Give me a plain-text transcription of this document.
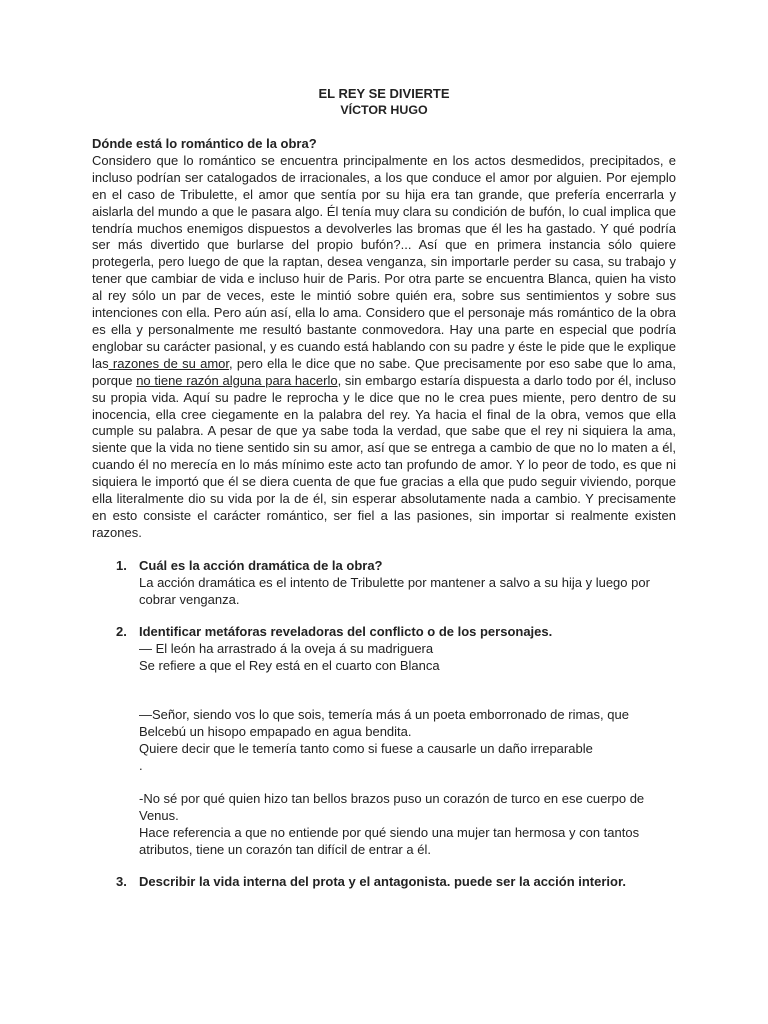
EL REY SE DIVIERTE
VÍCTOR HUGO
Dónde está lo romántico de la obra?
Considero que lo romántico se encuentra principalmente en los actos desmedidos, precipitados, e incluso podrían ser catalogados de irracionales, a los que conduce el amor por alguien. Por ejemplo en el caso de Tribulette, el amor que sentía por su hija era tan grande, que prefería encerrarla y aislarla del mundo a que le pasara algo. Él tenía muy clara su condición de bufón, lo cual implica que tendría muchos enemigos dispuestos a devolverles las bromas que él les ha gastado. Y qué podría ser más divertido que burlarse del propio bufón?... Así que en primera instancia sólo quiere protegerla, pero luego de que la raptan, desea venganza, sin importarle perder su casa, su trabajo y tener que cambiar de vida e incluso huir de Paris. Por otra parte se encuentra Blanca, quien ha visto al rey sólo un par de veces, este le mintió sobre quién era, sobre sus sentimientos y sobre sus intenciones con ella. Pero aún así, ella lo ama. Considero que el personaje más romántico de la obra es ella y personalmente me resultó bastante conmovedora. Hay una parte en especial que podría englobar su carácter pasional, y es cuando está hablando con su padre y éste le pide que le explique las razones de su amor, pero ella le dice que no sabe. Que precisamente por eso sabe que lo ama, porque no tiene razón alguna para hacerlo, sin embargo estaría dispuesta a darlo todo por él, incluso su propia vida. Aquí su padre le reprocha y le dice que no le crea pues miente, pero dentro de su inocencia, ella cree ciegamente en la palabra del rey. Ya hacia el final de la obra, vemos que ella cumple su palabra. A pesar de que ya sabe toda la verdad, que sabe que el rey ni siquiera la ama, siente que la vida no tiene sentido sin su amor, así que se entrega a cambio de que no lo maten a él, cuando él no merecía en lo más mínimo este acto tan profundo de amor. Y lo peor de todo, es que ni siquiera le importó que él se diera cuenta de que fue gracias a ella que pudo seguir viviendo, porque ella literalmente dio su vida por la de él, sin esperar absolutamente nada a cambio. Y precisamente en esto consiste el carácter romántico, ser fiel a las pasiones, sin importar si realmente existen razones.
1. Cuál es la acción dramática de la obra?
La acción dramática es el intento de Tribulette por mantener a salvo a su hija y luego por cobrar venganza.
2. Identificar metáforas reveladoras del conflicto o de los personajes.
— El león ha arrastrado á la oveja á su madriguera
Se refiere a que el Rey está en el cuarto con Blanca
—Señor, siendo vos lo que sois, temería más á un poeta emborronado de rimas, que Belcebú un hisopo empapado en agua bendita.
Quiere decir que le temería tanto como si fuese a causarle un daño irreparable
.
-No sé por qué quien hizo tan bellos brazos puso un corazón de turco en ese cuerpo de Venus.
Hace referencia a que no entiende por qué siendo una mujer tan hermosa y con tantos atributos, tiene un corazón tan difícil de entrar a él.
3. Describir la vida interna del prota y el antagonista. puede ser la acción interior.
